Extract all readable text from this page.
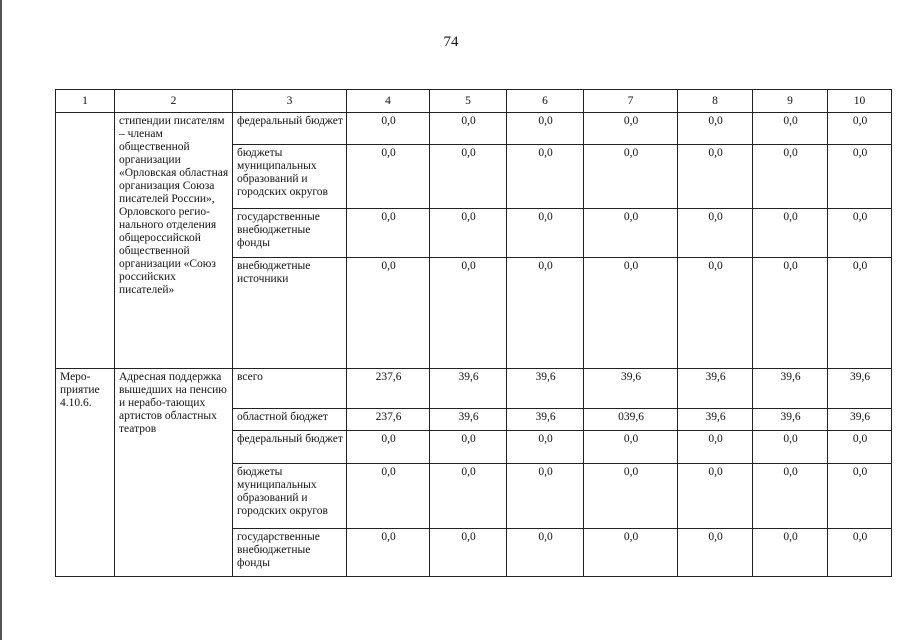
74
1	2	3	4	5	6	7	8	9	10
	стипендии писателям – членам общественной организации «Орловская областная организация Союза писателей России», Орловского регио-нального отделения общероссийской общественной организации «Союз российских писателей»	федеральный бюджет	0,0	0,0	0,0	0,0	0,0	0,0	0,0
		бюджеты муниципальных образований и городских округов	0,0	0,0	0,0	0,0	0,0	0,0	0,0
		государственные внебюджетные фонды	0,0	0,0	0,0	0,0	0,0	0,0	0,0
		внебюджетные источники	0,0	0,0	0,0	0,0	0,0	0,0	0,0
Меро-приятие 4.10.6.	Адресная поддержка вышедших на пенсию и нерабо-тающих артистов областных театров	всего	237,6	39,6	39,6	39,6	39,6	39,6	39,6
		областной бюджет	237,6	39,6	39,6	039,6	39,6	39,6	39,6
		федеральный бюджет	0,0	0,0	0,0	0,0	0,0	0,0	0,0
		бюджеты муниципальных образований и городских округов	0,0	0,0	0,0	0,0	0,0	0,0	0,0
		государственные внебюджетные фонды	0,0	0,0	0,0	0,0	0,0	0,0	0,0
